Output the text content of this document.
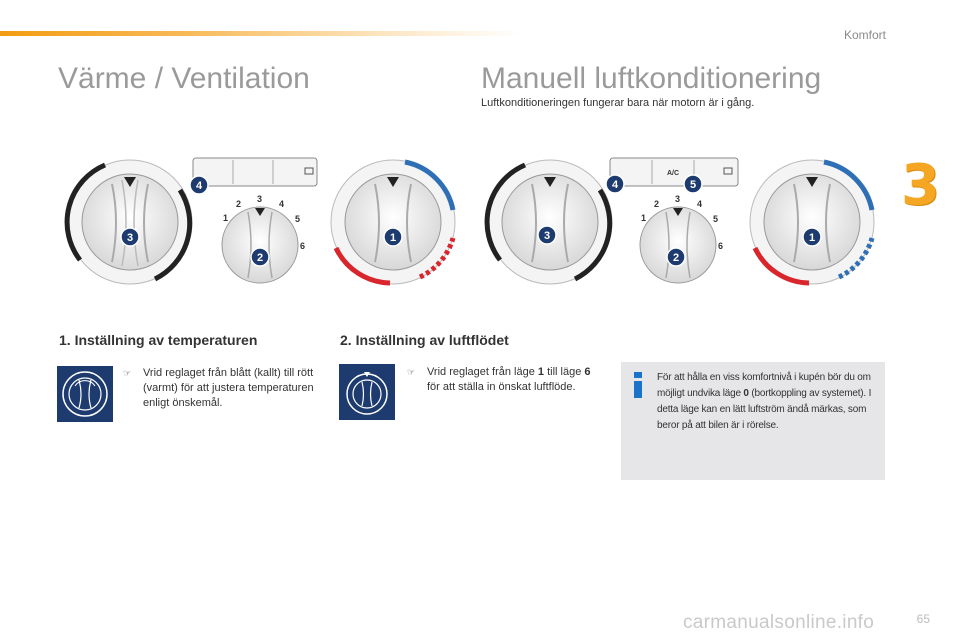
Komfort
3
Värme / Ventilation	Manuell luftkonditionering
Luftkonditioneringen fungerar bara när motorn är i gång.
3
4
1
2 3 4
5
6
2
1	3
A/C
4	5
1
2 3 4
5
6
2
1
1. Inställning av temperaturen	2. Inställning av luftflödet
☞	Vrid reglaget från blått (kallt) till rött (varmt) för att justera temperaturen enligt önskemål.
☞	Vrid reglaget från läge 1 till läge 6 för att ställa in önskat luftflöde.
För att hålla en viss komfortnivå i kupén bör du om möjligt undvika läge 0 (bortkoppling av systemet). I detta läge kan en lätt luftström ändå märkas, som beror på att bilen är i rörelse.
65
carmanualsonline.info
